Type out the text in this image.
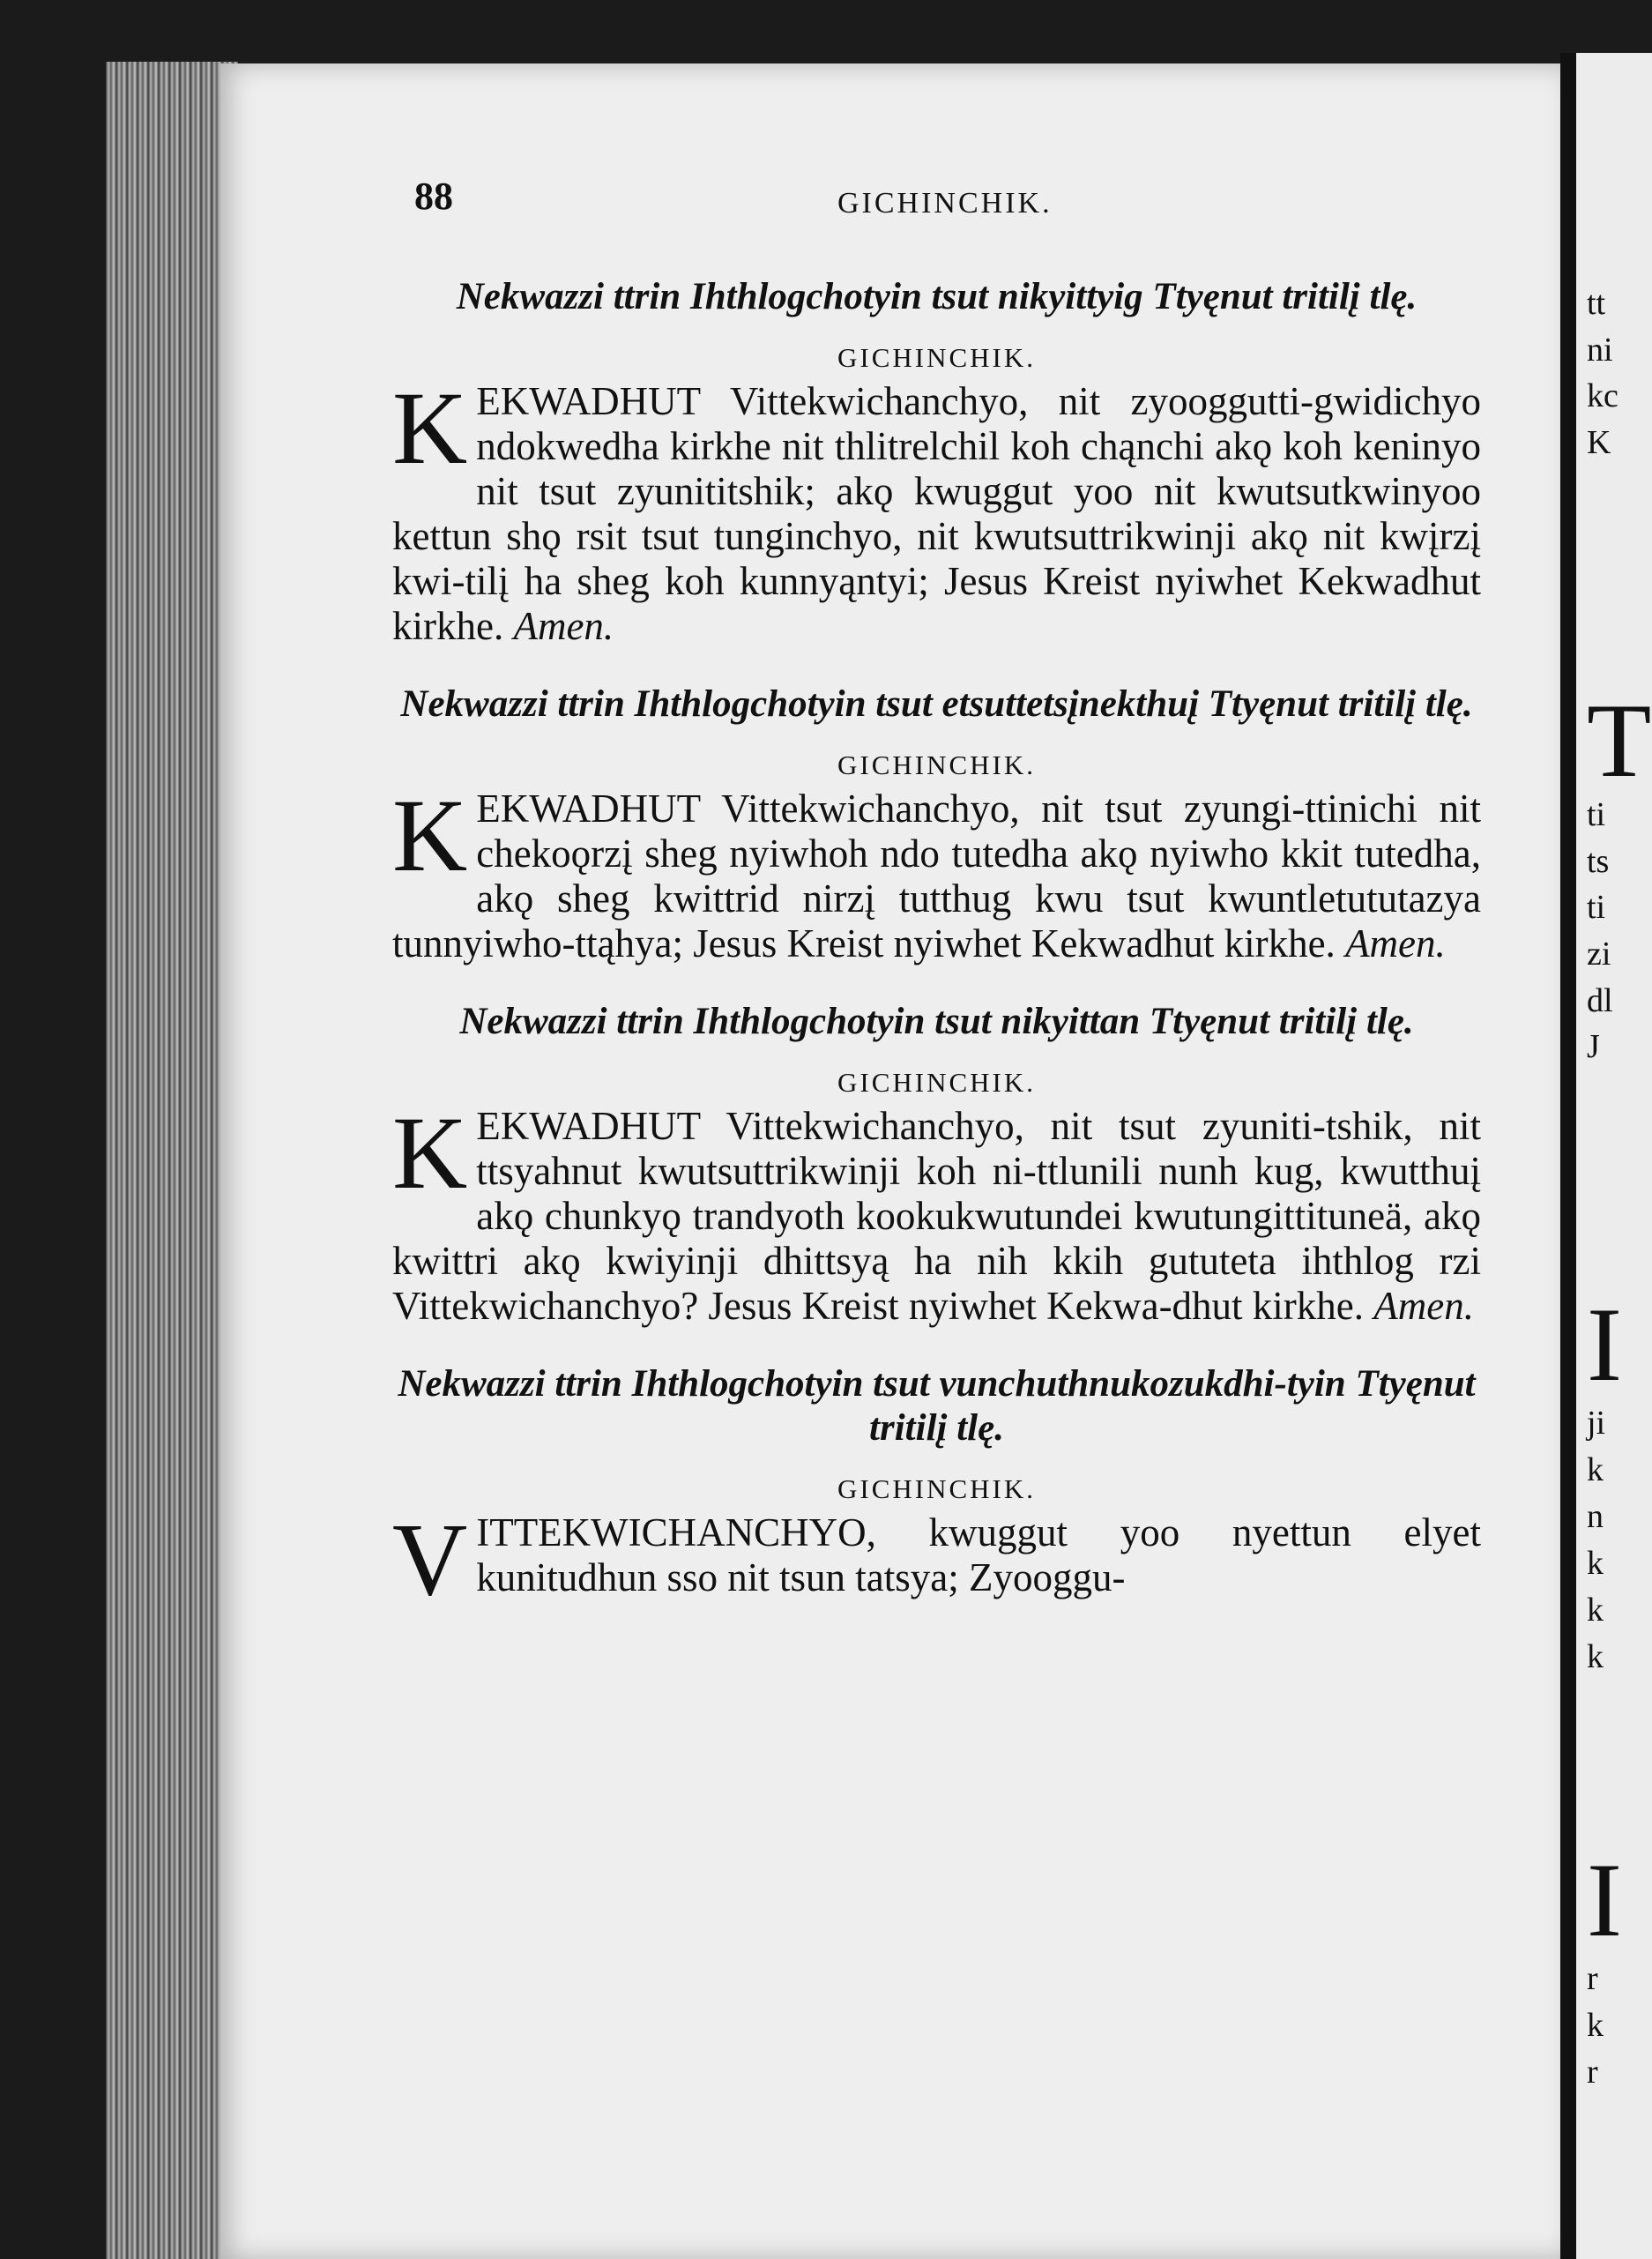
88	GICHINCHIK.

Nekwazzi ttrin Ihthlogchotyin tsut nikyittyig Ttyęnut tritilį tlę.

GICHINCHIK.

KEKWADHUT Vittekwichanchyo, nit zyooggutti-gwidichyo ndokwedha kirkhe nit thlitrelchil koh chąnchi akǫ koh keninyo nit tsut zyunititshik; akǫ kwuggut yoo nit kwutsutkwinyoo kettun shǫ rsit tsut tunginchyo, nit kwutsuttrikwinji akǫ nit kwįrzį kwi-tilį ha sheg koh kunnyąntyi; Jesus Kreist nyiwhet Kekwadhut kirkhe. Amen.

Nekwazzi ttrin Ihthlogchotyin tsut etsuttetsįnekthuį Ttyęnut tritilį tlę.

GICHINCHIK.

KEKWADHUT Vittekwichanchyo, nit tsut zyungi-ttinichi nit chekoǫrzį sheg nyiwhoh ndo tutedha akǫ nyiwho kkit tutedha, akǫ sheg kwittrid nirzį tutthug kwu tsut kwuntletututazya tunnyiwho-ttąhya; Jesus Kreist nyiwhet Kekwadhut kirkhe. Amen.

Nekwazzi ttrin Ihthlogchotyin tsut nikyittan Ttyęnut tritilį tlę.

GICHINCHIK.

KEKWADHUT Vittekwichanchyo, nit tsut zyuniti-tshik, nit ttsyahnut kwutsuttrikwinji koh ni-ttlunili nunh kug, kwutthuį akǫ chunkyǫ trandyoth kookukwutundei kwutungittituneä, akǫ kwittri akǫ kwiyinji dhittsyą ha nih kkih gututeta ihthlog rzi Vittekwichanchyo? Jesus Kreist nyiwhet Kekwa-dhut kirkhe. Amen.

Nekwazzi ttrin Ihthlogchotyin tsut vunchuthnukozukdhi-tyin Ttyęnut tritilį tlę.

GICHINCHIK.

VITTEKWICHANCHYO, kwuggut yoo nyettun elyet kunitudhun sso nit tsun tatsya; Zyooggu-

tt
ni
kc
K
T
ti
ts
ti
zi
dl
J
I
ji
k
n
k
k
k
I
r
k
r
